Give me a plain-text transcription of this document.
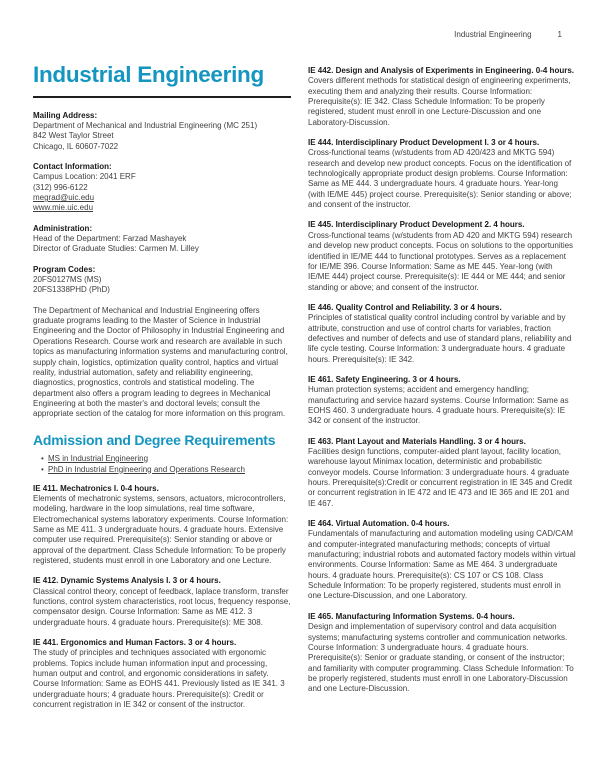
Industrial Engineering	1
Industrial Engineering

Mailing Address:

Department of Mechanical and Industrial Engineering (MC 251)

842 West Taylor Street

Chicago, IL 60607-7022

Contact Information:

Campus Location: 2041 ERF

(312) 996-6122

megrad@uic.edu

www.mie.uic.edu

Administration:

Head of the Department: Farzad Mashayek

Director of Graduate Studies: Carmen M. Lilley

Program Codes:

20FS0127MS (MS)

20FS1338PHD (PhD)

The Department of Mechanical and Industrial Engineering offers graduate programs leading to the Master of Science in Industrial Engineering and the Doctor of Philosophy in Industrial Engineering and Operations Research. Course work and research are available in such topics as manufacturing information systems and manufacturing control, supply chain, logistics, optimization quality control, haptics and virtual reality, industrial automation, safety and reliability engineering, diagnostics, prognostics, controls and statistical modeling. The department also offers a program leading to degrees in Mechanical Engineering at both the master's and doctoral levels; consult the appropriate section of the catalog for more information on this program.

Admission and Degree Requirements
• MS in Industrial Engineering
• PhD in Industrial Engineering and Operations Research

IE 411. Mechatronics I. 0-4 hours.

Elements of mechatronic systems, sensors, actuators, microcontrollers, modeling, hardware in the loop simulations, real time software, Electromechanical systems laboratory experiments. Course Information: Same as ME 411. 3 undergraduate hours. 4 graduate hours. Extensive computer use required. Prerequisite(s): Senior standing or above or approval of the department. Class Schedule Information: To be properly registered, students must enroll in one Laboratory and one Lecture.

IE 412. Dynamic Systems Analysis I. 3 or 4 hours.

Classical control theory, concept of feedback, laplace transform, transfer functions, control system characteristics, root locus, frequency response, compensator design. Course Information: Same as ME 412. 3 undergraduate hours. 4 graduate hours. Prerequisite(s): ME 308.

IE 441. Ergonomics and Human Factors. 3 or 4 hours.

The study of principles and techniques associated with ergonomic problems. Topics include human information input and processing, human output and control, and ergonomic considerations in safety. Course Information: Same as EOHS 441. Previously listed as IE 341. 3 undergraduate hours; 4 graduate hours. Prerequisite(s): Credit or concurrent registration in IE 342 or consent of the instructor.

IE 442. Design and Analysis of Experiments in Engineering. 0-4 hours.

Covers different methods for statistical design of engineering experiments, executing them and analyzing their results. Course Information: Prerequisite(s): IE 342. Class Schedule Information: To be properly registered, student must enroll in one Lecture-Discussion and one Laboratory-Discussion.

IE 444. Interdisciplinary Product Development I. 3 or 4 hours.

Cross-functional teams (w/students from AD 420/423 and MKTG 594) research and develop new product concepts. Focus on the identification of technologically appropriate product design problems. Course Information: Same as ME 444. 3 undergraduate hours. 4 graduate hours. Year-long (with IE/ME 445) project course. Prerequisite(s): Senior standing or above; and consent of the instructor.

IE 445. Interdisciplinary Product Development 2. 4 hours.

Cross-functional teams (w/students from AD 420 and MKTG 594) research and develop new product concepts. Focus on solutions to the opportunities identified in IE/ME 444 to functional prototypes. Serves as a replacement for IE/ME 396. Course Information: Same as ME 445. Year-long (with IE/ME 444) project course. Prerequisite(s): IE 444 or ME 444; and senior standing or above; and consent of the instructor.

IE 446. Quality Control and Reliability. 3 or 4 hours.

Principles of statistical quality control including control by variable and by attribute, construction and use of control charts for variables, fraction defectives and number of defects and use of standard plans, reliability and life cycle testing. Course Information: 3 undergraduate hours. 4 graduate hours. Prerequisite(s): IE 342.

IE 461. Safety Engineering. 3 or 4 hours.

Human protection systems; accident and emergency handling; manufacturing and service hazard systems. Course Information: Same as EOHS 460. 3 undergraduate hours. 4 graduate hours. Prerequisite(s): IE 342 or consent of the instructor.

IE 463. Plant Layout and Materials Handling. 3 or 4 hours.

Facilities design functions, computer-aided plant layout, facility location, warehouse layout Minimax location, deterministic and probabilistic conveyor models. Course Information: 3 undergraduate hours. 4 graduate hours. Prerequisite(s):Credit or concurrent registration in IE 345 and Credit or concurrent registration in IE 472 and IE 473 and IE 365 and IE 201 and IE 467.

IE 464. Virtual Automation. 0-4 hours.

Fundamentals of manufacturing and automation modeling using CAD/CAM and computer-integrated manufacturing methods; concepts of virtual manufacturing; industrial robots and automated factory models within virtual environments. Course Information: Same as ME 464. 3 undergraduate hours. 4 graduate hours. Prerequisite(s): CS 107 or CS 108. Class Schedule Information: To be properly registered, students must enroll in one Lecture-Discussion, and one Laboratory.

IE 465. Manufacturing Information Systems. 0-4 hours.

Design and implementation of supervisory control and data acquisition systems; manufacturing systems controller and communication networks. Course Information: 3 undergraduate hours. 4 graduate hours. Prerequisite(s): Senior or graduate standing, or consent of the instructor; and familiarity with computer programming. Class Schedule Information: To be properly registered, students must enroll in one Laboratory-Discussion and one Lecture-Discussion.
